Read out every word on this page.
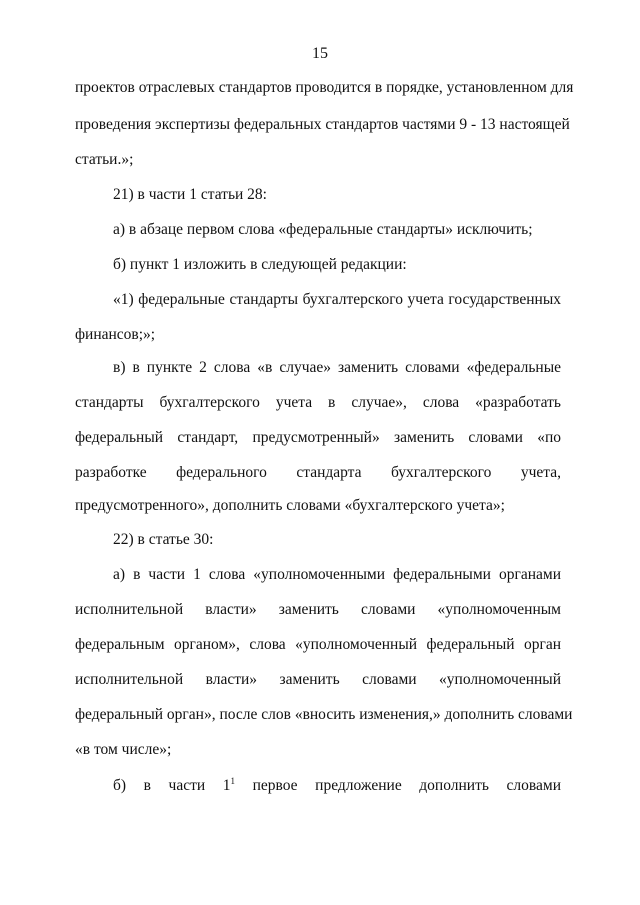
15
проектов отраслевых стандартов проводится в порядке, установленном для
проведения экспертизы федеральных стандартов частями 9 - 13 настоящей
статьи.»;
21) в части 1 статьи 28:
а) в абзаце первом слова «федеральные стандарты» исключить;
б) пункт 1 изложить в следующей редакции:
«1) федеральные стандарты бухгалтерского учета государственных
финансов;»;
в) в пункте 2 слова «в случае» заменить словами «федеральные
стандарты бухгалтерского учета в случае», слова «разработать
федеральный стандарт, предусмотренный» заменить словами «по
разработке федерального стандарта бухгалтерского учета,
предусмотренного», дополнить словами «бухгалтерского учета»;
22) в статье 30:
а) в части 1 слова «уполномоченными федеральными органами
исполнительной власти» заменить словами «уполномоченным
федеральным органом», слова «уполномоченный федеральный орган
исполнительной власти» заменить словами «уполномоченный
федеральный орган», после слов «вносить изменения,» дополнить словами
«в том числе»;
б) в части $1^1$ первое предложение дополнить словами
